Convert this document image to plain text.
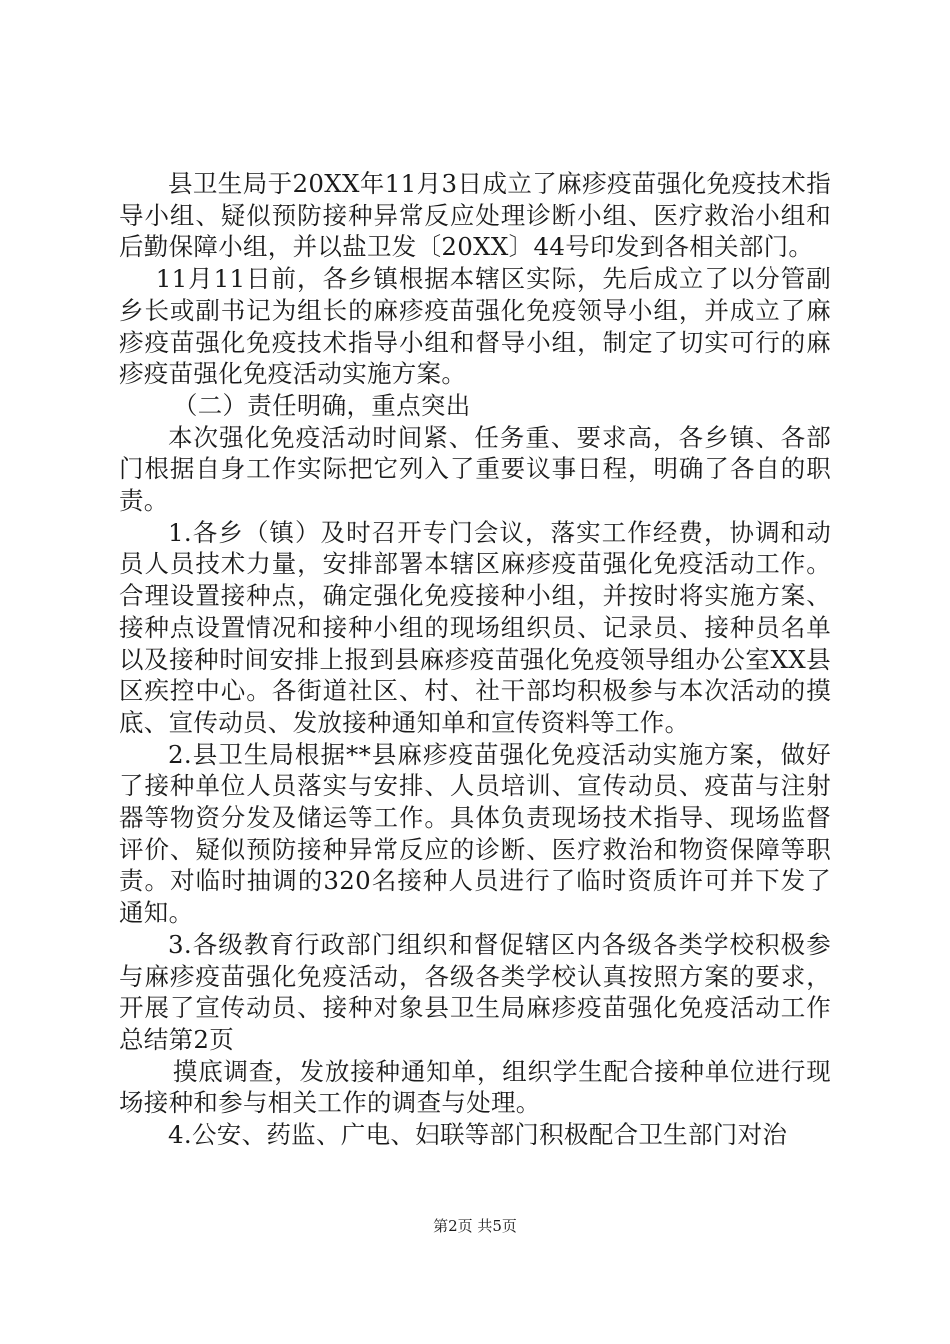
县卫生局于20XX年11月3日成立了麻疹疫苗强化免疫技术指导小组、疑似预防接种异常反应处理诊断小组、医疗救治小组和后勤保障小组，并以盐卫发〔20XX〕44号印发到各相关部门。

11月11日前，各乡镇根据本辖区实际，先后成立了以分管副乡长或副书记为组长的麻疹疫苗强化免疫领导小组，并成立了麻疹疫苗强化免疫技术指导小组和督导小组，制定了切实可行的麻疹疫苗强化免疫活动实施方案。

（二）责任明确，重点突出

本次强化免疫活动时间紧、任务重、要求高，各乡镇、各部门根据自身工作实际把它列入了重要议事日程，明确了各自的职责。

1.各乡（镇）及时召开专门会议，落实工作经费，协调和动员人员技术力量，安排部署本辖区麻疹疫苗强化免疫活动工作。合理设置接种点，确定强化免疫接种小组，并按时将实施方案、接种点设置情况和接种小组的现场组织员、记录员、接种员名单以及接种时间安排上报到县麻疹疫苗强化免疫领导组办公室XX县区疾控中心。各街道社区、村、社干部均积极参与本次活动的摸底、宣传动员、发放接种通知单和宣传资料等工作。

2.县卫生局根据**县麻疹疫苗强化免疫活动实施方案，做好了接种单位人员落实与安排、人员培训、宣传动员、疫苗与注射器等物资分发及储运等工作。具体负责现场技术指导、现场监督评价、疑似预防接种异常反应的诊断、医疗救治和物资保障等职责。对临时抽调的320名接种人员进行了临时资质许可并下发了通知。

3.各级教育行政部门组织和督促辖区内各级各类学校积极参与麻疹疫苗强化免疫活动，各级各类学校认真按照方案的要求，开展了宣传动员、接种对象县卫生局麻疹疫苗强化免疫活动工作总结第2页

摸底调查，发放接种通知单，组织学生配合接种单位进行现场接种和参与相关工作的调查与处理。

4.公安、药监、广电、妇联等部门积极配合卫生部门对治

第2页 共5页
